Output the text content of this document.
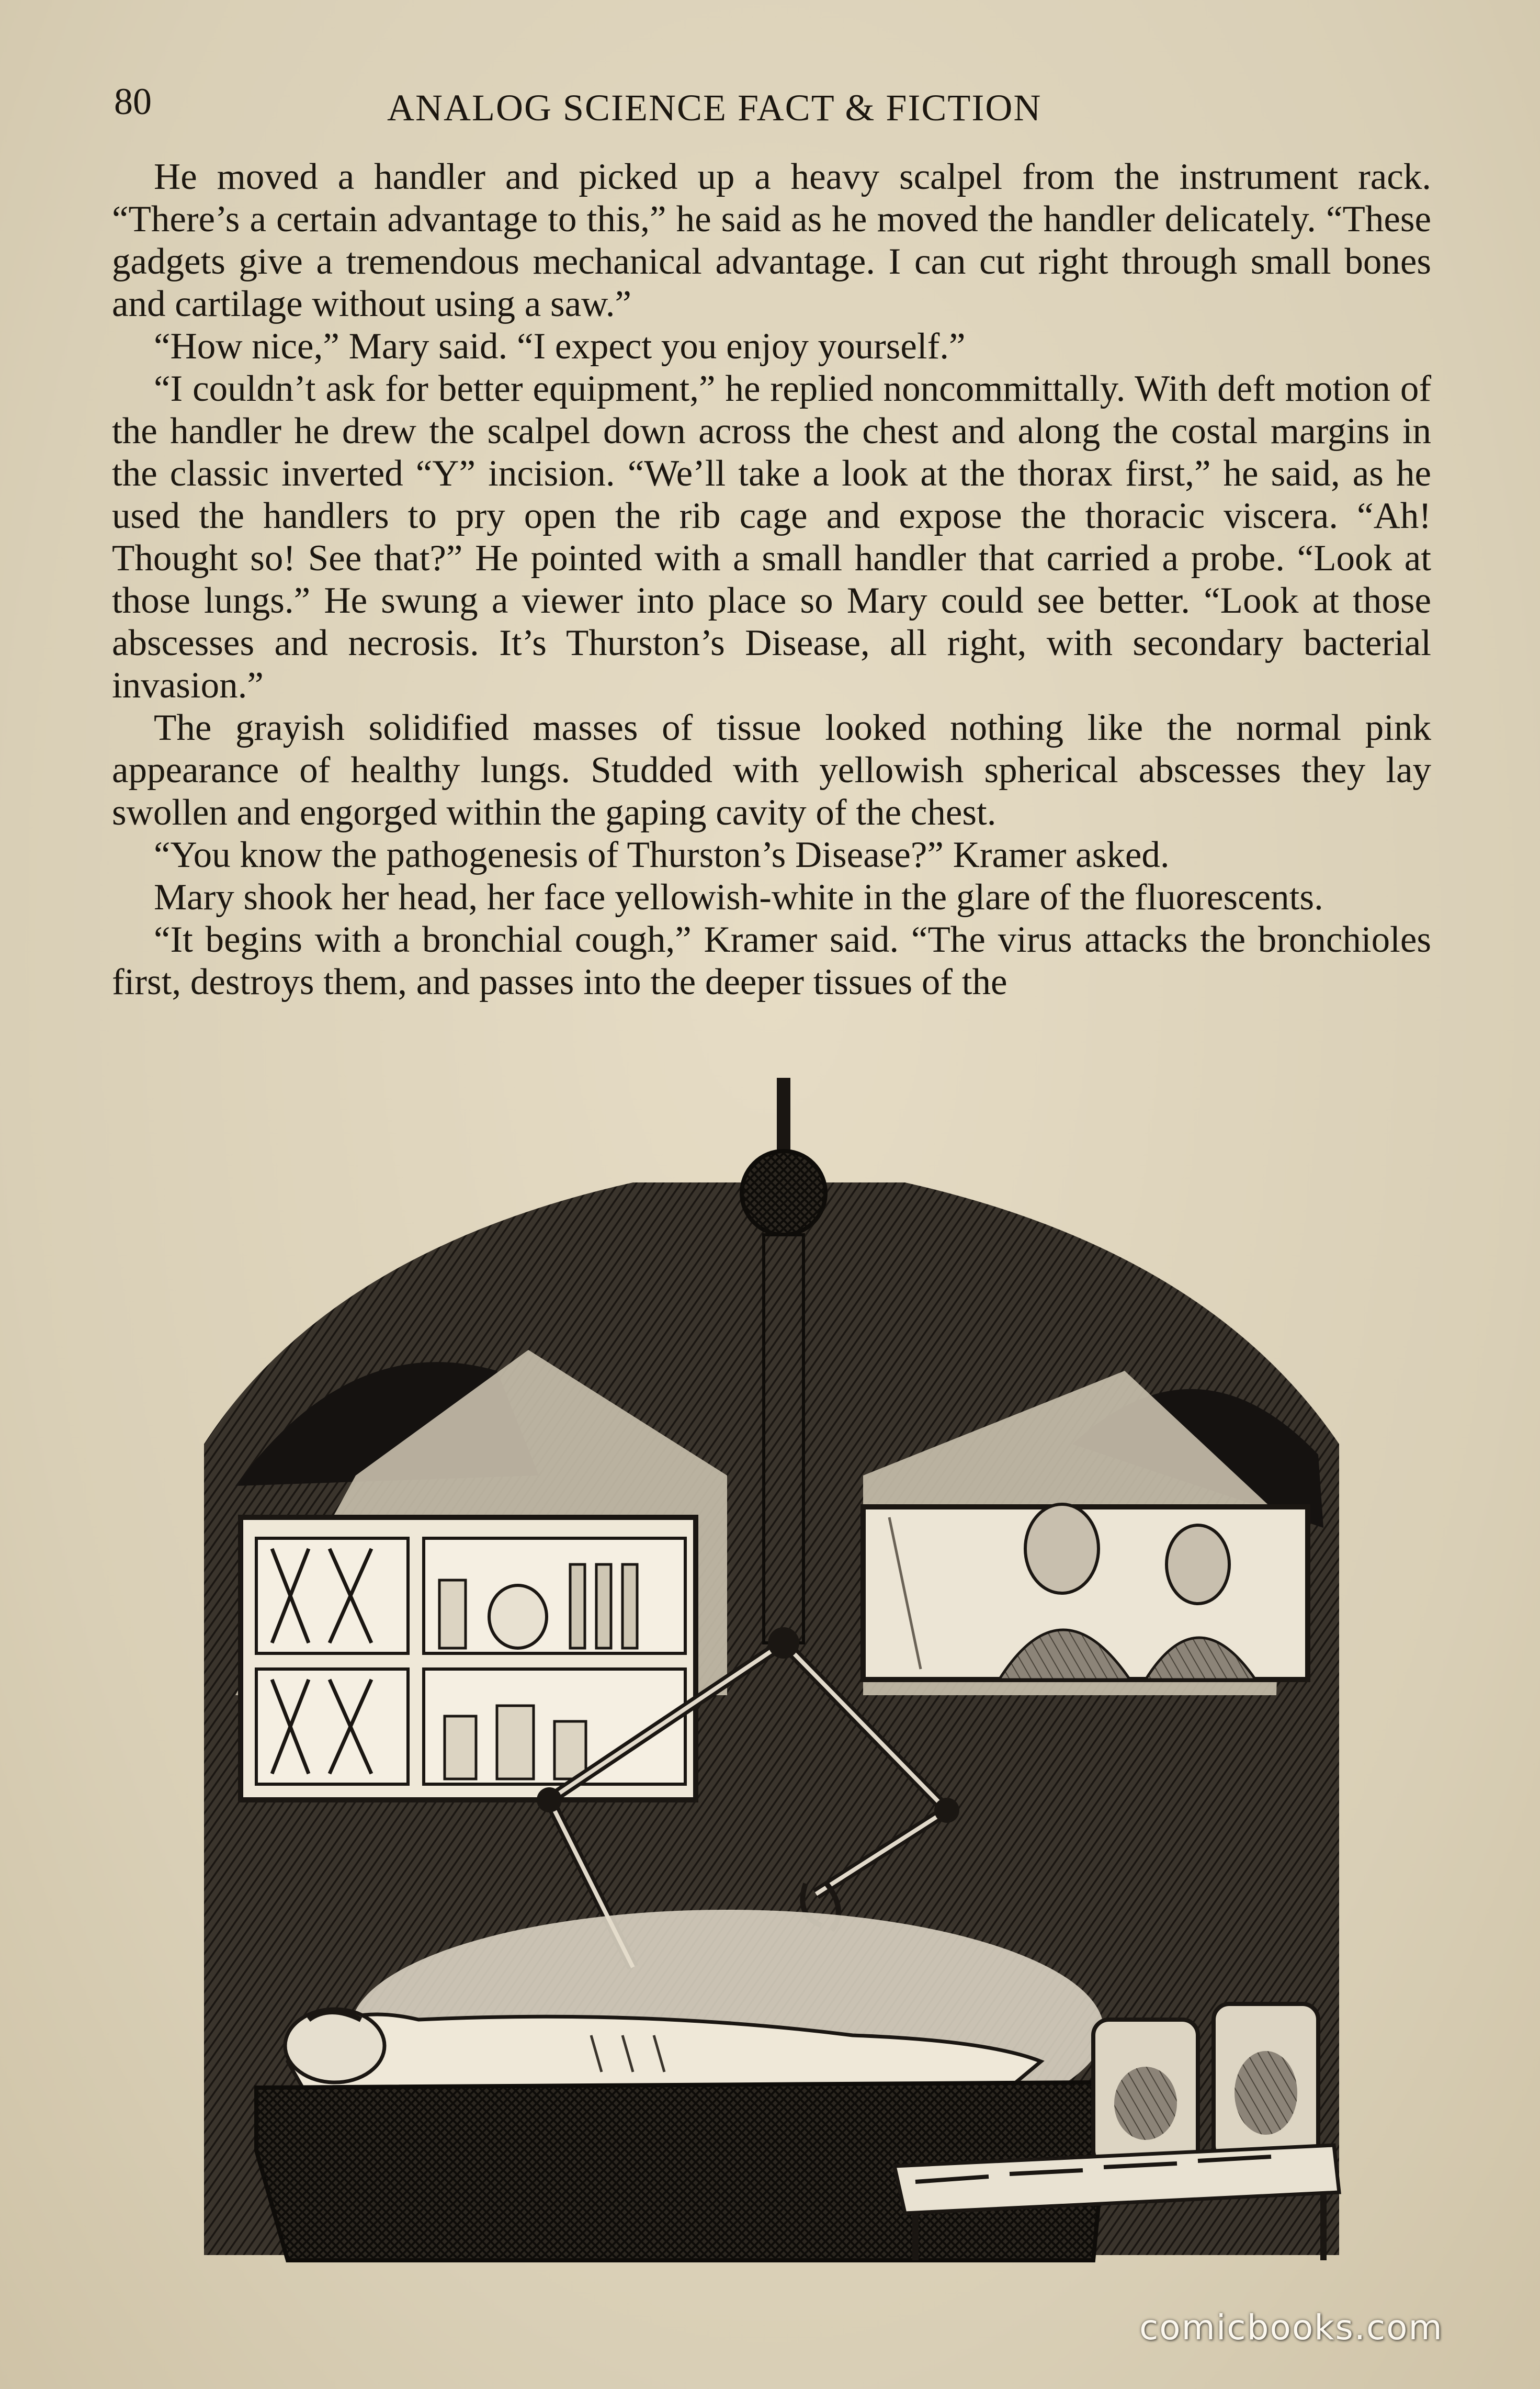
80	ANALOG SCIENCE FACT & FICTION

He moved a handler and picked up a heavy scalpel from the instrument rack. “There’s a certain advantage to this,” he said as he moved the handler delicately. “These gadgets give a tremendous mechanical advantage. I can cut right through small bones and cartilage without using a saw.”

“How nice,” Mary said. “I expect you enjoy yourself.”

“I couldn’t ask for better equipment,” he replied noncommittally. With deft motion of the handler he drew the scalpel down across the chest and along the costal margins in the classic inverted “Y” incision. “We’ll take a look at the thorax first,” he said, as he used the handlers to pry open the rib cage and expose the thoracic viscera. “Ah! Thought so! See that?” He pointed with a small handler that carried a probe. “Look at those lungs.” He swung a viewer into place so Mary could see better. “Look at those abscesses and necrosis. It’s Thurston’s Disease, all right, with secondary bacterial invasion.”

The grayish solidified masses of tissue looked nothing like the normal pink appearance of healthy lungs. Studded with yellowish spherical abscesses they lay swollen and engorged within the gaping cavity of the chest.

“You know the pathogenesis of Thurston’s Disease?” Kramer asked.

Mary shook her head, her face yellowish-white in the glare of the fluorescents.

“It begins with a bronchial cough,” Kramer said. “The virus attacks the bronchioles first, destroys them, and passes into the deeper tissues of the

comicbooks.com
